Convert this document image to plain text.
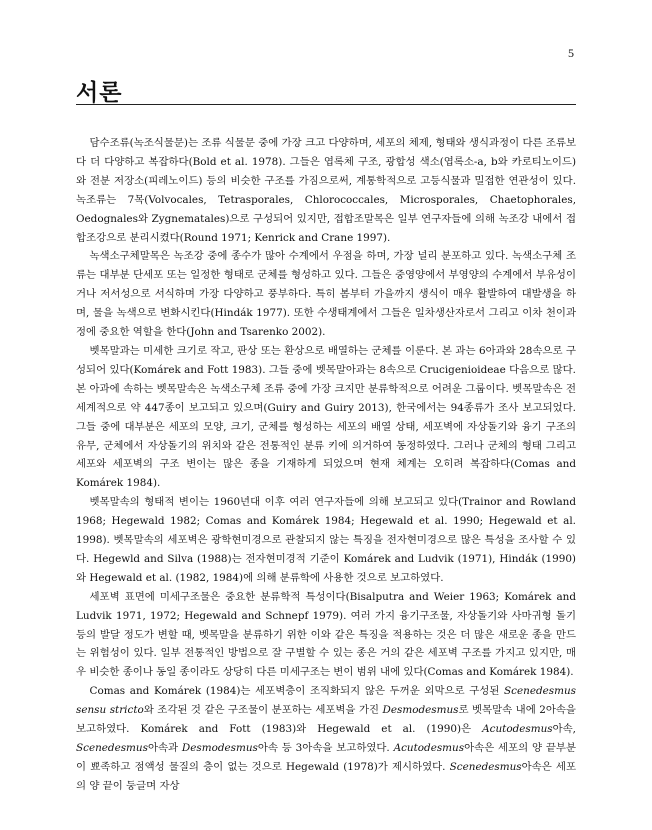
5
서론

담수조류(녹조식물문)는 조류 식물문 중에 가장 크고 다양하며, 세포의 체제, 형태와 생식과정이 다른 조류보다 더 다양하고 복잡하다(Bold et al. 1978). 그들은 엽록체 구조, 광합성 색소(엽록소-a, b와 카로티노이드)와 전분 저장소(피레노이드) 등의 비슷한 구조를 가짐으로써, 계통학적으로 고등식물과 밀접한 연관성이 있다. 녹조류는 7목(Volvocales, Tetrasporales, Chlorococcales, Microsporales, Chaetophorales, Oedognales와 Zygnematales)으로 구성되어 있지만, 접합조말목은 일부 연구자들에 의해 녹조강 내에서 접합조강으로 분리시켰다(Round 1971; Kenrick and Crane 1997).

녹색소구체말목은 녹조강 중에 종수가 많아 수계에서 우점을 하며, 가장 널리 분포하고 있다. 녹색소구체 조류는 대부분 단세포 또는 일정한 형태로 군체를 형성하고 있다. 그들은 중영양에서 부영양의 수계에서 부유성이거나 저서성으로 서식하며 가장 다양하고 풍부하다. 특히 봄부터 가을까지 생식이 매우 활발하여 대발생을 하며, 물을 녹색으로 변화시킨다(Hindák 1977). 또한 수생태계에서 그들은 일차생산자로서 그리고 이차 천이과정에 중요한 역할을 한다(John and Tsarenko 2002).

벳목말과는 미세한 크기로 작고, 판상 또는 환상으로 배열하는 군체를 이룬다. 본 과는 6아과와 28속으로 구성되어 있다(Komárek and Fott 1983). 그들 중에 벳목말아과는 8속으로 Crucigenioideae 다음으로 많다. 본 아과에 속하는 벳목말속은 녹색소구체 조류 중에 가장 크지만 분류학적으로 어려운 그룹이다. 벳목말속은 전 세계적으로 약 447종이 보고되고 있으며(Guiry and Guiry 2013), 한국에서는 94종류가 조사 보고되었다. 그들 중에 대부분은 세포의 모양, 크기, 군체를 형성하는 세포의 배열 상태, 세포벽에 자상돌기와 융기 구조의 유무, 군체에서 자상돌기의 위치와 같은 전통적인 분류 키에 의거하여 동정하였다. 그러나 군체의 형태 그리고 세포와 세포벽의 구조 변이는 많은 종을 기재하게 되었으며 현재 체계는 오히려 복잡하다(Comas and Komárek 1984).

벳목말속의 형태적 변이는 1960년대 이후 여러 연구자들에 의해 보고되고 있다(Trainor and Rowland 1968; Hegewald 1982; Comas and Komárek 1984; Hegewald et al. 1990; Hegewald et al. 1998). 벳목말속의 세포벽은 광학현미경으로 관찰되지 않는 특징을 전자현미경으로 많은 특성을 조사할 수 있다. Hegewld and Silva (1988)는 전자현미경적 기준이 Komárek and Ludvik (1971), Hindák (1990)와 Hegewald et al. (1982, 1984)에 의해 분류학에 사용한 것으로 보고하였다.

세포벽 표면에 미세구조물은 중요한 분류학적 특성이다(Bisalputra and Weier 1963; Komárek and Ludvik 1971, 1972; Hegewald and Schnepf 1979). 여러 가지 융기구조물, 자상돌기와 사마귀형 돌기 등의 발달 정도가 변할 때, 벳목말을 분류하기 위한 이와 같은 특징을 적용하는 것은 더 많은 새로운 종을 만드는 위험성이 있다. 일부 전통적인 방법으로 잘 구별할 수 있는 종은 거의 같은 세포벽 구조를 가지고 있지만, 매우 비슷한 종이나 동일 종이라도 상당히 다른 미세구조는 변이 범위 내에 있다(Comas and Komárek 1984).

Comas and Komárek (1984)는 세포벽층이 조직화되지 않은 두꺼운 외막으로 구성된 Scenedesmus sensu stricto와 조각된 것 같은 구조물이 분포하는 세포벽을 가진 Desmodesmus로 벳목말속 내에 2아속을 보고하였다. Komárek and Fott (1983)와 Hegewald et al. (1990)은 Acutodesmus아속, Scenedesmus아속과 Desmodesmus아속 등 3아속을 보고하였다. Acutodesmus아속은 세포의 양 끝부분이 뾰족하고 점액성 물질의 층이 없는 것으로 Hegewald (1978)가 제시하였다. Scenedesmus아속은 세포의 양 끝이 둥글며 자상
